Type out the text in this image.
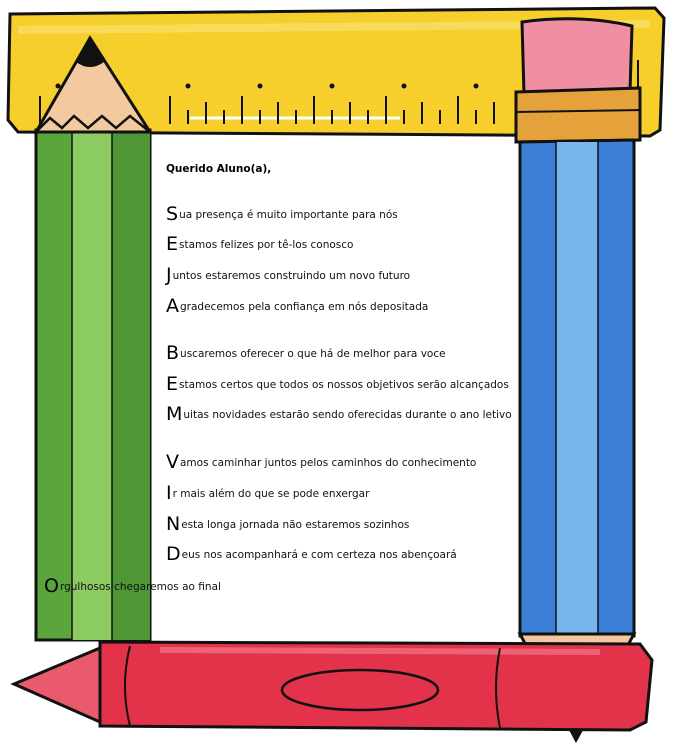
Querido Aluno(a),
Sua presença é muito importante para nós
Estamos felizes por tê-los conosco
Juntos estaremos construindo um novo futuro
Agradecemos pela confiança em nós depositada
Buscaremos oferecer o que há de melhor para voce
Estamos certos que todos os nossos objetivos serão alcançados
Muitas novidades estarão sendo oferecidas durante o ano letivo
Vamos caminhar juntos pelos caminhos do conhecimento
Ir mais além do que se pode enxergar
Nesta longa jornada não estaremos sozinhos
Deus nos acompanhará e com certeza nos abençoará
Orgulhosos chegaremos ao final
